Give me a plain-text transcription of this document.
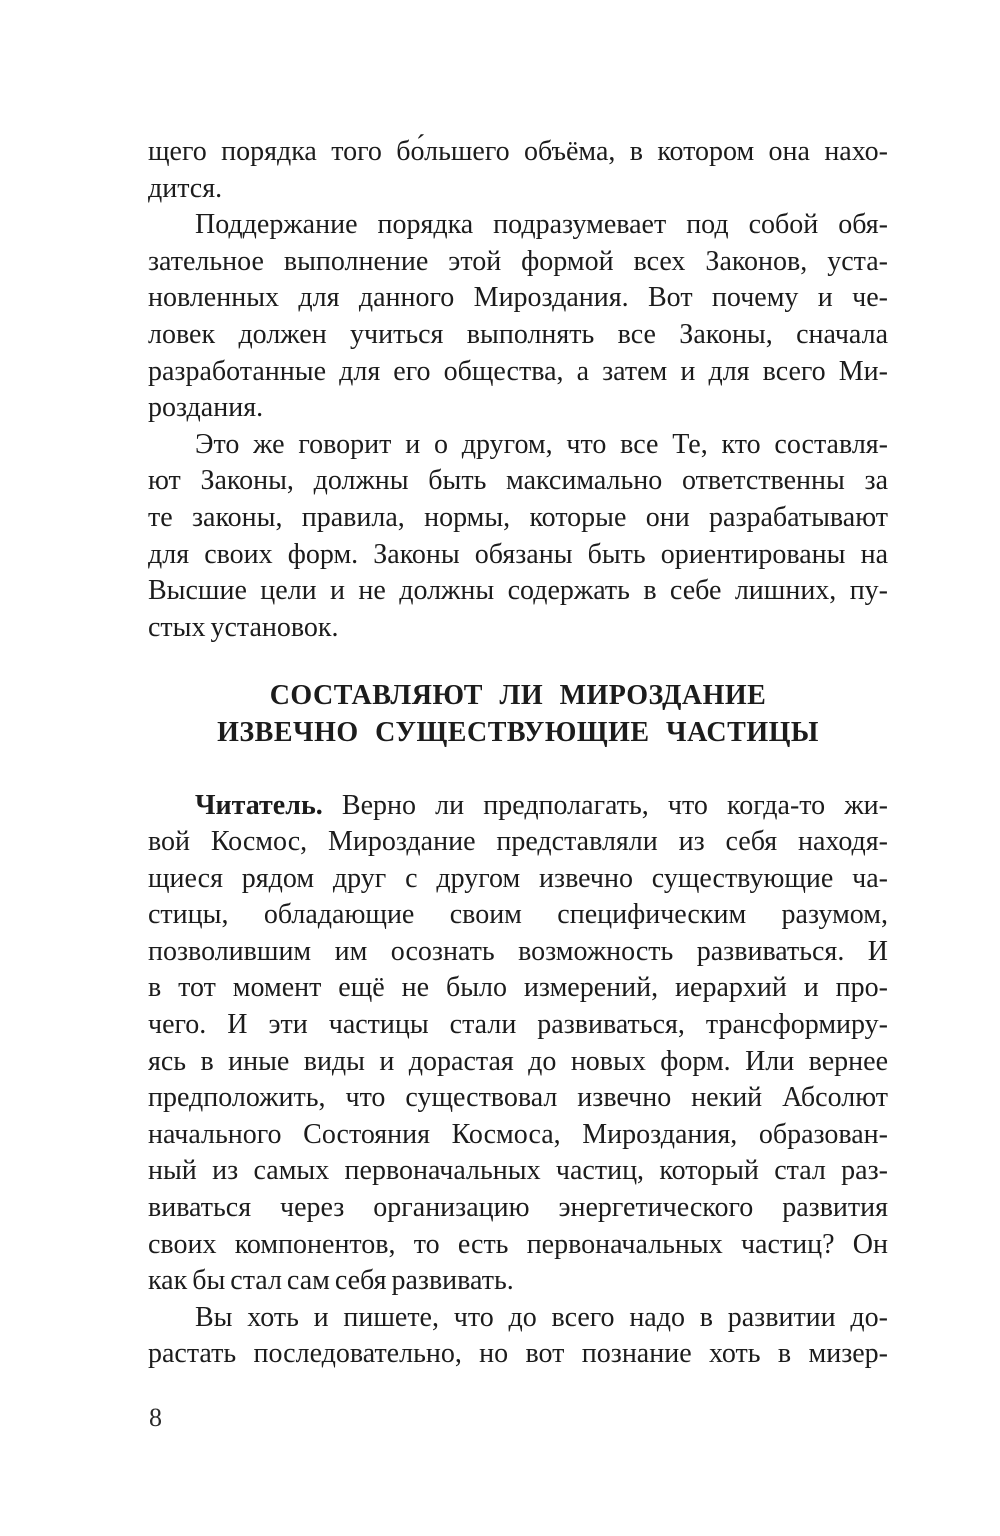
щего порядка того бо́льшего объёма, в котором она нахо-
дится.
Поддержание порядка подразумевает под собой обя-
зательное выполнение этой формой всех Законов, уста-
новленных для данного Мироздания. Вот почему и че-
ловек должен учиться выполнять все Законы, сначала
разработанные для его общества, а затем и для всего Ми-
роздания.
Это же говорит и о другом, что все Те, кто составля-
ют Законы, должны быть максимально ответственны за
те законы, правила, нормы, которые они разрабатывают
для своих форм. Законы обязаны быть ориентированы на
Высшие цели и не должны содержать в себе лишних, пу-
стых установок.
СОСТАВЛЯЮТ ЛИ МИРОЗДАНИЕ
ИЗВЕЧНО СУЩЕСТВУЮЩИЕ ЧАСТИЦЫ
Читатель. Верно ли предполагать, что когда-то жи-
вой Космос, Мироздание представляли из себя находя-
щиеся рядом друг с другом извечно существующие ча-
стицы, обладающие своим специфическим разумом,
позволившим им осознать возможность развиваться. И
в тот момент ещё не было измерений, иерархий и про-
чего. И эти частицы стали развиваться, трансформиру-
ясь в иные виды и дорастая до новых форм. Или вернее
предположить, что существовал извечно некий Абсолют
начального Состояния Космоса, Мироздания, образован-
ный из самых первоначальных частиц, который стал раз-
виваться через организацию энергетического развития
своих компонентов, то есть первоначальных частиц? Он
как бы стал сам себя развивать.
Вы хоть и пишете, что до всего надо в развитии до-
растать последовательно, но вот познание хоть в мизер-
8
